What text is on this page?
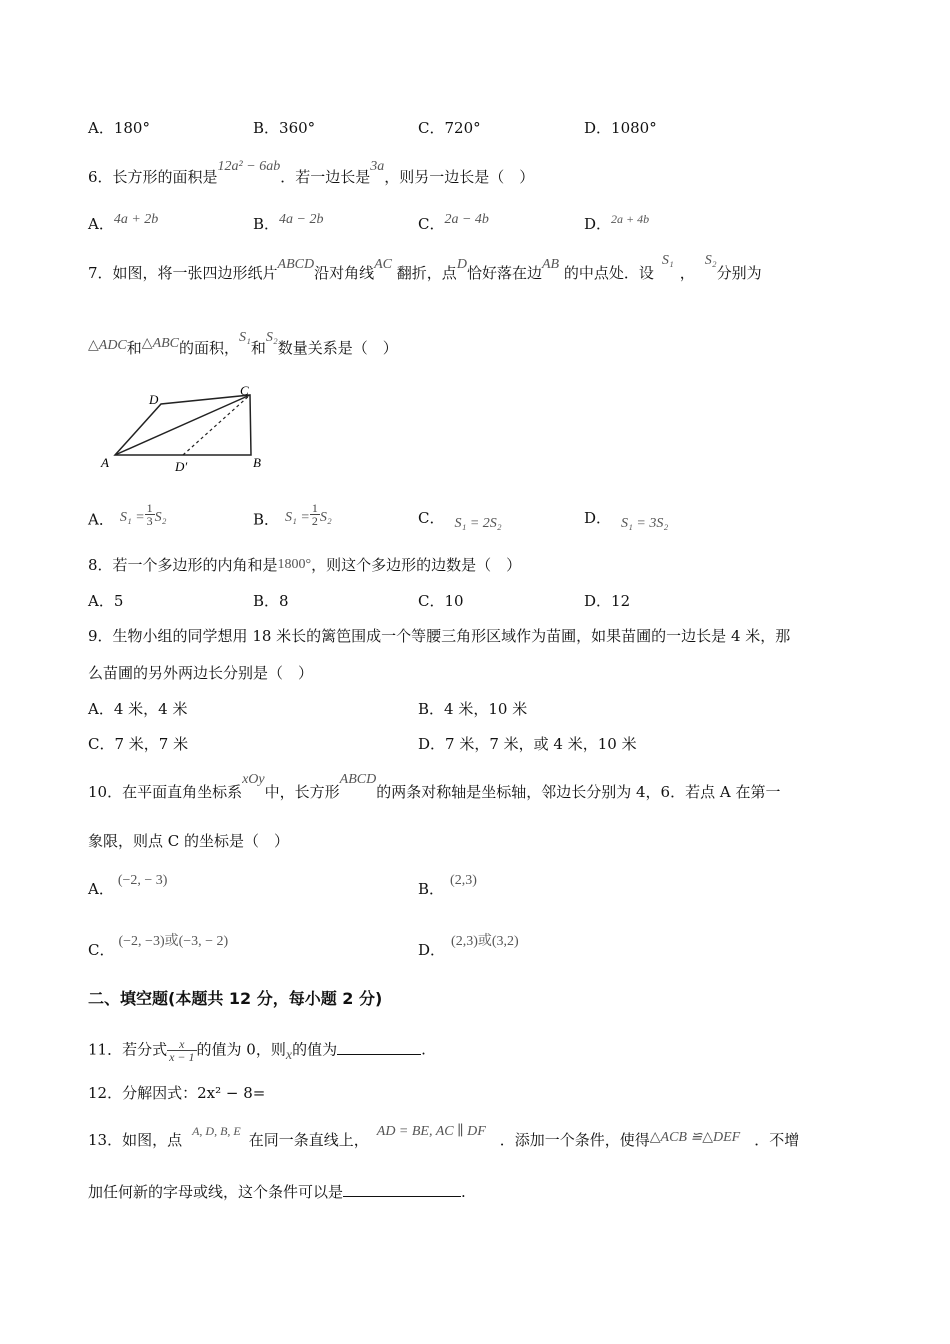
A．180°	B．360°	C．720°	D．1080°
6．长方形的面积是12a² − 6ab．若一边长是3a，则另一边长是（　）
A．4a + 2b	B．4a − 2b	C．2a − 4b	D．$^{2a + 4b}$
7．如图，将一张四边形纸片ABCD沿对角线AC 翻折，点D恰好落在边AB 的中点处．设S₁，S₂分别为
△ADC和△ABC的面积，S₁和S₂数量关系是（　）
A	B
C
D
D′
A． $S_1 = \frac{1}{3} S_2$	B． $S_1 = \frac{1}{2} S_2$	C． S₁ = 2S₂	D． S₁ = 3S₂
8．若一个多边形的内角和是1800°，则这个多边形的边数是（　）
A．5	B．8	C．10	D．12
9．生物小组的同学想用 18 米长的篱笆围成一个等腰三角形区域作为苗圃，如果苗圃的一边长是 4 米，那
么苗圃的另外两边长分别是（　）
A．4 米，4 米	B．4 米，10 米
C．7 米，7 米	D．7 米，7 米，或 4 米，10 米
10．在平面直角坐标系xOy中，长方形ABCD的两条对称轴是坐标轴，邻边长分别为 4，6．若点 A 在第一
象限，则点 C 的坐标是（　）
A． (−2, − 3)	B． (2,3)
C． (−2, −3)或(−3, − 2)	D． (2,3)或(3,2)
二、填空题(本题共 12 分，每小题 2 分)
11．若分式 $\frac{x}{x - 1}$ 的值为 0，则x的值为	.
12．分解因式：2x² − 8=
13．如图，点 $^{A, D, B, E}$ 在同一条直线上， AD = BE, AC ∥ DF ．添加一个条件，使得△ACB ≌△DEF ．不增
加任何新的字母或线，这个条件可以是	.
